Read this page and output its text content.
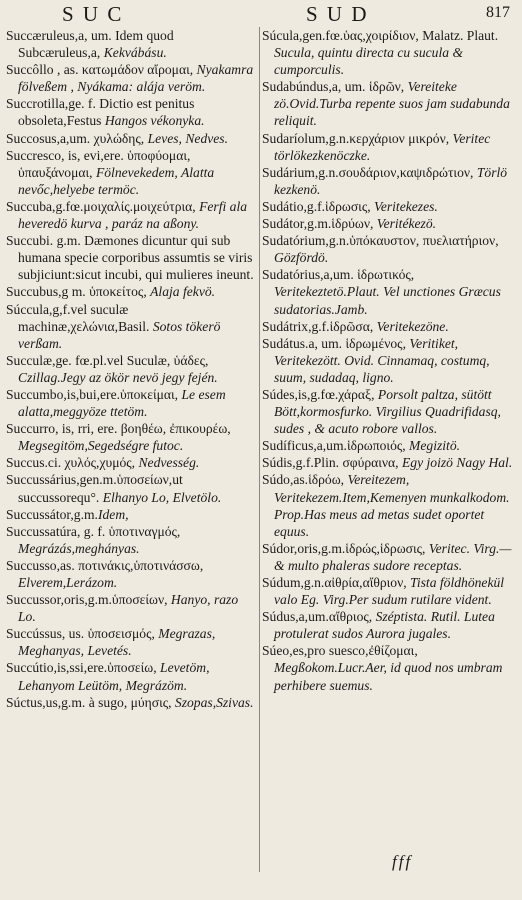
S U C	S U D	817
Succæruleus,a, um. Idem quod Subcæruleus,a, Kekvábásu.
Succôllo , as. κατωμάδον αἴρομαι, Nyakamra fölveßem , Nyákama: alája veröm.
Succrotilla,ge. f. Dictio est penitus obsoleta,Festus Hangos vékonyka.
Succosus,a,um. χυλώδης, Leves, Nedves.
Succresco, is, evi,ere. ὑποφύομαι, ὑπαυξάνομαι, Fölnevekedem, Alatta nevőc,helyebe termöc.
Succuba,g.fœ.μοιχαλίς.μοιχεύτρια, Ferfi ala heveredö kurva , paráz na aßony.
Succubi. g.m. Dæmones dicuntur qui sub humana specie corporibus assumtis se viris subjiciunt:sicut incubi, qui mulieres ineunt.
Succubus,g m. ὑποκείτος, Alaja fekvö.
Súccula,g,f.vel suculæ machinæ,χελώνια,Basil. Sotos tökerö verßam.
Succulæ,ge. fœ.pl.vel Suculæ, ὑάδες, Czillag.Jegy az ökör nevö jegy fején.
Succumbo,is,bui,ere.ὑποκείμαι, Le esem alatta,meggyöze ttetöm.
Succurro, is, rri, ere. βοηθέω, ἐπικουρέω, Megsegitöm,Segedségre futoc.
Succus.ci. χυλός,χυμός, Nedvesség.
Succussárius,gen.m.ὑποσείων,ut succussorequ°. Elhanyo Lo, Elvetölo.
Succussátor,g.m.Idem,
Succussatúra, g. f. ὑποτιναγμός, Megrázás,meghányas.
Succusso,as. ποτινάκις,ὑποτινάσσω, Elverem,Lerázom.
Succussor,oris,g.m.ὑποσείων, Hanyo, razo Lo.
Succússus, us. ὑποσεισμός, Megrazas, Meghanyas, Levetés.
Succútio,is,ssi,ere.ὑποσείω, Levetöm, Lehanyom Leütöm, Megrázöm.
Súctus,us,g.m. à sugo, μύησις, Szopas,Szivas.
Súcula,gen.fœ.ὑας,χοιρίδιον, Malatz. Plaut. Sucula, quintu directa cu sucula & cumporculis.
Sudabúndus,a, um. ἱδρῶν, Vereiteke zö.Ovid.Turba repente suos jam sudabunda reliquit.
Sudaríolum,g.n.κερχάριον μικρόν, Veritec törlökezkenöczke.
Sudárium,g.n.σουδάριον,καψιδρώτιον, Törlö kezkenö.
Sudátio,g.f.ἱδρωσις, Veritekezes.
Sudátor,g.m.ἱδρύων, Veritékezö.
Sudatórium,g.n.ὑπόκαυστον, πυελιατήριον, Gözfördö.
Sudatórius,a,um. ἱδρωτικός, Veritekeztetö.Plaut. Vel unctiones Græcus sudatorias.Jamb.
Sudátrix,g.f.ἱδρῶσα, Veritekezöne.
Sudátus.a, um. ἱδρωμένος, Veritiket, Veritekezött. Ovid. Cinnamaq, costumq, suum, sudadaq, ligno.
Súdes,is,g.fœ.χάραξ, Porsolt paltza, sütött Bött,kormosfurko. Virgilius Quadrifidasq, sudes , & acuto robore vallos.
Sudíficus,a,um.ἱδρωποιός, Megizitö.
Súdis,g.f.Plin. σφύραινα, Egy joizö Nagy Hal.
Súdo,as.ἱδρόω, Vereitezem, Veritekezem.Item,Kemenyen munkalkodom. Prop.Has meus ad metas sudet oportet equus.
Súdor,oris,g.m.ἱδρώς,ἱδρωσις, Veritec. Virg.— & multo phaleras sudore receptas.
Súdum,g.n.αἰθρία,αἴθριον, Tista földhönekül valo Eg. Virg.Per sudum rutilare vident.
Súdus,a,um.αἴθριος, Széptista. Rutil. Lutea protulerat sudos Aurora jugales.
Súeo,es,pro suesco,ἐθίζομαι, Megßokom.Lucr.Aer, id quod nos umbram perhibere suemus.
fff
